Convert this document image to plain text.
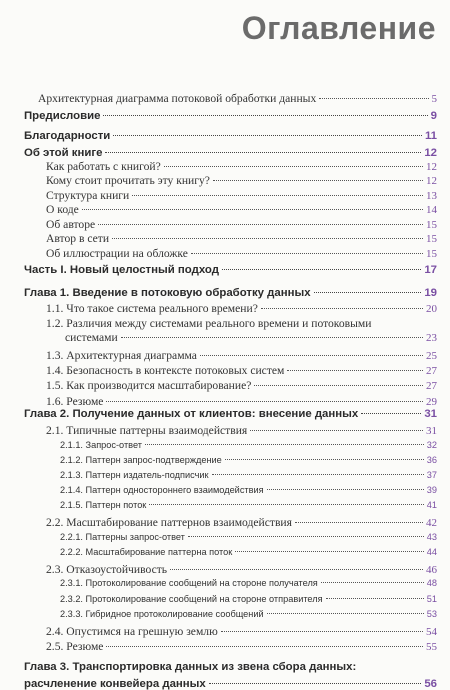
Оглавление
Архитектурная диаграмма потоковой обработки данных	5
Предисловие	9
Благодарности	11
Об этой книге	12
Как работать с книгой?	12
Кому стоит прочитать эту книгу?	12
Структура книги	13
О коде	14
Об авторе	15
Автор в сети	15
Об иллюстрации на обложке	15
Часть I. Новый целостный подход	17
Глава 1. Введение в потоковую обработку данных	19
1.1. Что такое система реального времени?	20
1.2. Различия между системами реального времени и потоковыми
системами	23
1.3. Архитектурная диаграмма	25
1.4. Безопасность в контексте потоковых систем	27
1.5. Как производится масштабирование?	27
1.6. Резюме	29
Глава 2. Получение данных от клиентов: внесение данных	31
2.1. Типичные паттерны взаимодействия	31
2.1.1. Запрос-ответ	32
2.1.2. Паттерн запрос-подтверждение	36
2.1.3. Паттерн издатель-подписчик	37
2.1.4. Паттерн одностороннего взаимодействия	39
2.1.5. Паттерн поток	41
2.2. Масштабирование паттернов взаимодействия	42
2.2.1. Паттерны запрос-ответ	43
2.2.2. Масштабирование паттерна поток	44
2.3. Отказоустойчивость	46
2.3.1. Протоколирование сообщений на стороне получателя	48
2.3.2. Протоколирование сообщений на стороне отправителя	51
2.3.3. Гибридное протоколирование сообщений	53
2.4. Опустимся на грешную землю	54
2.5. Резюме	55
Глава 3. Транспортировка данных из звена сбора данных:
расчленение конвейера данных	56
